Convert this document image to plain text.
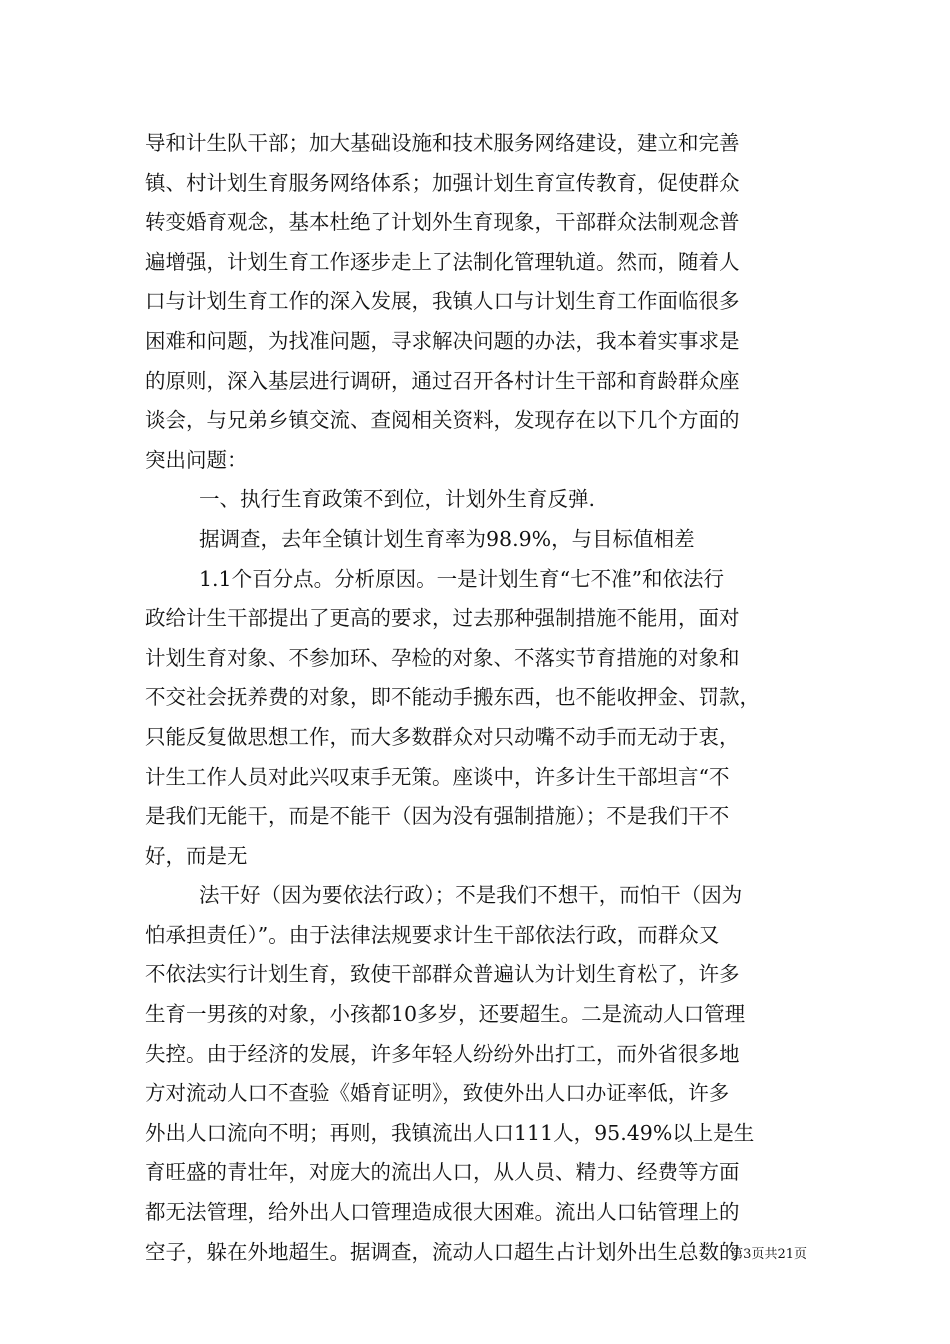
导和计生队干部；加大基础设施和技术服务网络建设，建立和完善
镇、村计划生育服务网络体系；加强计划生育宣传教育，促使群众
转变婚育观念，基本杜绝了计划外生育现象，干部群众法制观念普
遍增强，计划生育工作逐步走上了法制化管理轨道。然而，随着人
口与计划生育工作的深入发展，我镇人口与计划生育工作面临很多
困难和问题，为找准问题，寻求解决问题的办法，我本着实事求是
的原则，深入基层进行调研，通过召开各村计生干部和育龄群众座
谈会，与兄弟乡镇交流、查阅相关资料，发现存在以下几个方面的
突出问题：
一、执行生育政策不到位，计划外生育反弹.
据调查，去年全镇计划生育率为98.9%，与目标值相差
1.1个百分点。分析原因。一是计划生育“七不准”和依法行
政给计生干部提出了更高的要求，过去那种强制措施不能用，面对
计划生育对象、不参加环、孕检的对象、不落实节育措施的对象和
不交社会抚养费的对象，即不能动手搬东西，也不能收押金、罚款，
只能反复做思想工作，而大多数群众对只动嘴不动手而无动于衷，
计生工作人员对此兴叹束手无策。座谈中，许多计生干部坦言“不
是我们无能干，而是不能干（因为没有强制措施）；不是我们干不
好，而是无
法干好（因为要依法行政）；不是我们不想干，而怕干（因为
怕承担责任）”。由于法律法规要求计生干部依法行政，而群众又
不依法实行计划生育，致使干部群众普遍认为计划生育松了，许多
生育一男孩的对象，小孩都10多岁，还要超生。二是流动人口管理
失控。由于经济的发展，许多年轻人纷纷外出打工，而外省很多地
方对流动人口不查验《婚育证明》，致使外出人口办证率低，许多
外出人口流向不明；再则，我镇流出人口111人，95.49%以上是生
育旺盛的青壮年，对庞大的流出人口，从人员、精力、经费等方面
都无法管理，给外出人口管理造成很大困难。流出人口钻管理上的
空子，躲在外地超生。据调查，流动人口超生占计划外出生总数的
第3页共21页
